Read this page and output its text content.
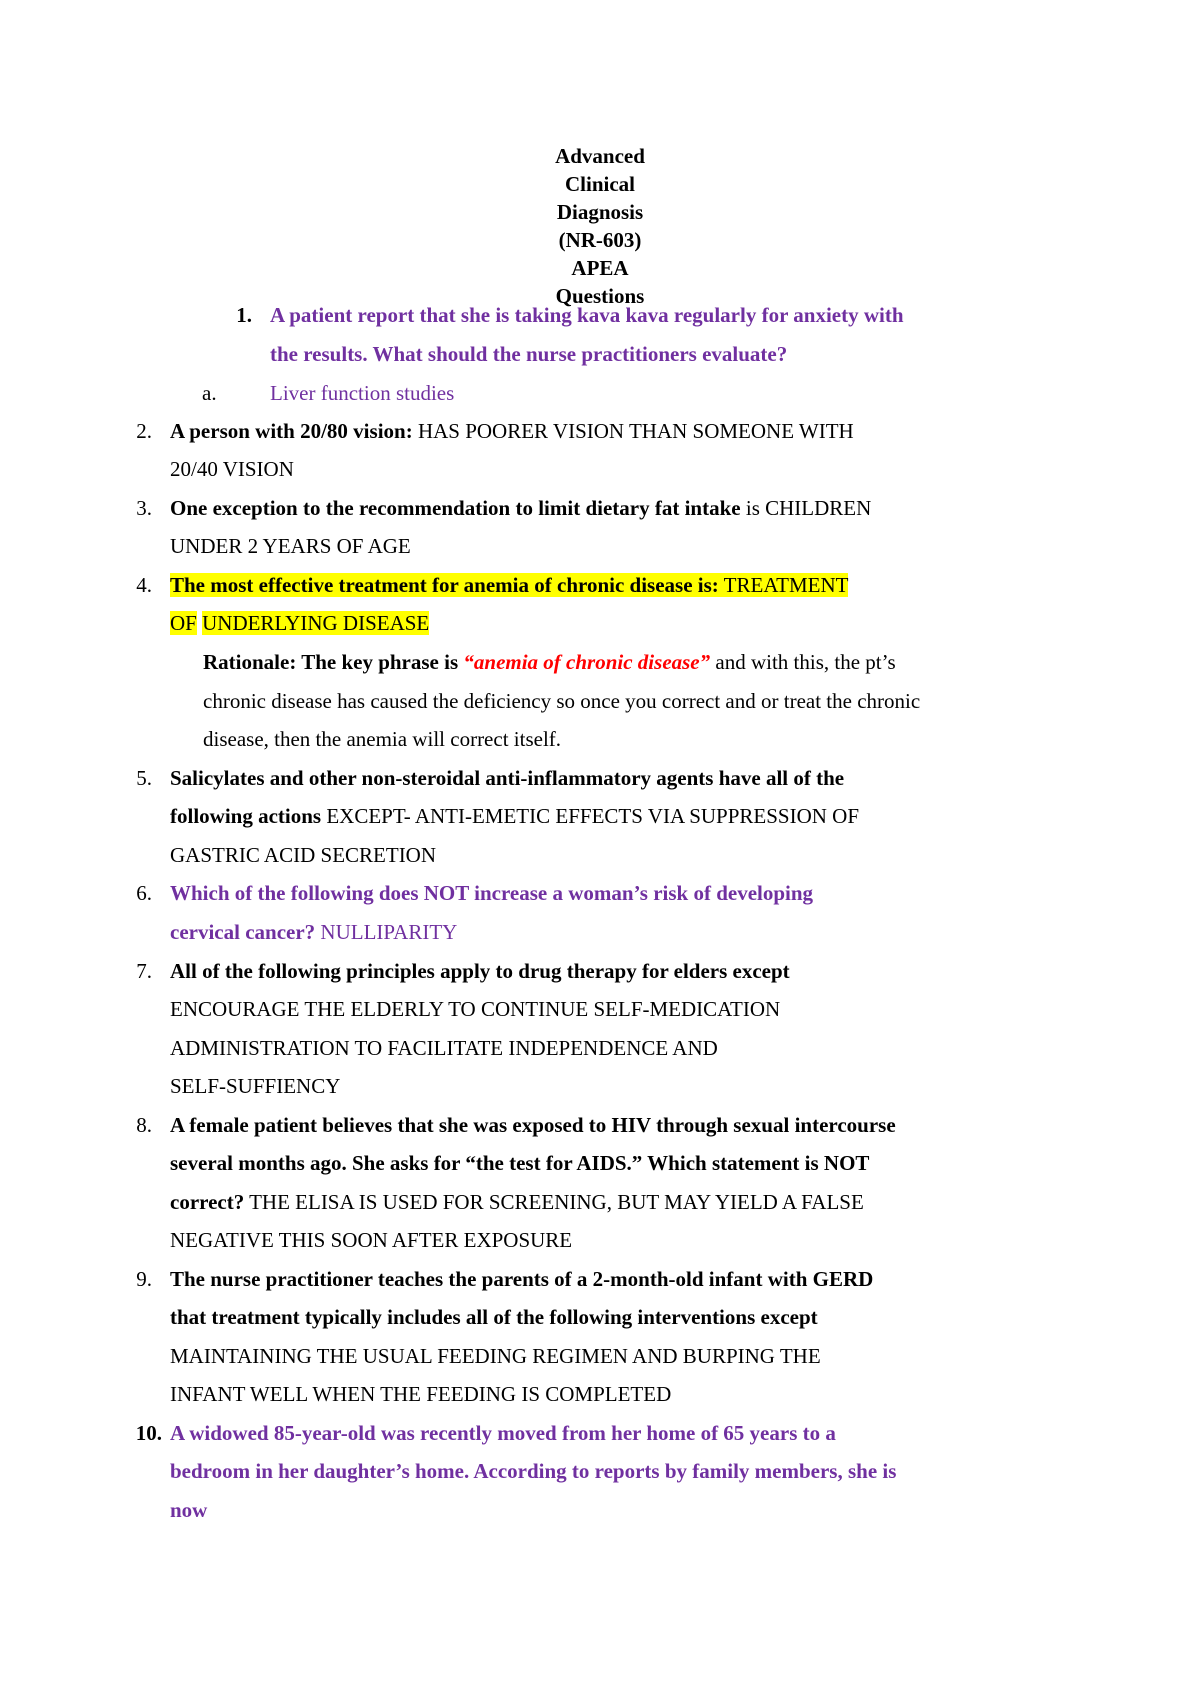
Advanced
Clinical
Diagnosis
(NR-603)
APEA
Questions
1. A patient report that she is taking kava kava regularly for anxiety with
the results. What should the nurse practitioners evaluate?
a.	Liver function studies
2. A person with 20/80 vision: HAS POORER VISION THAN SOMEONE WITH
20/40 VISION
3. One exception to the recommendation to limit dietary fat intake is CHILDREN
UNDER 2 YEARS OF AGE
4. The most effective treatment for anemia of chronic disease is: TREATMENT
OF UNDERLYING DISEASE
Rationale: The key phrase is “anemia of chronic disease” and with this, the pt’s
chronic disease has caused the deficiency so once you correct and or treat the chronic
disease, then the anemia will correct itself.
5. Salicylates and other non-steroidal anti-inflammatory agents have all of the
following actions EXCEPT- ANTI-EMETIC EFFECTS VIA SUPPRESSION OF
GASTRIC ACID SECRETION
6. Which of the following does NOT increase a woman’s risk of developing
cervical cancer? NULLIPARITY
7. All of the following principles apply to drug therapy for elders except
ENCOURAGE THE ELDERLY TO CONTINUE SELF-MEDICATION
ADMINISTRATION TO FACILITATE INDEPENDENCE AND
SELF-SUFFIENCY
8. A female patient believes that she was exposed to HIV through sexual intercourse
several months ago. She asks for “the test for AIDS.” Which statement is NOT
correct? THE ELISA IS USED FOR SCREENING, BUT MAY YIELD A FALSE
NEGATIVE THIS SOON AFTER EXPOSURE
9. The nurse practitioner teaches the parents of a 2-month-old infant with GERD
that treatment typically includes all of the following interventions except
MAINTAINING THE USUAL FEEDING REGIMEN AND BURPING THE
INFANT WELL WHEN THE FEEDING IS COMPLETED
10. A widowed 85-year-old was recently moved from her home of 65 years to a
bedroom in her daughter’s home. According to reports by family members, she is
now
